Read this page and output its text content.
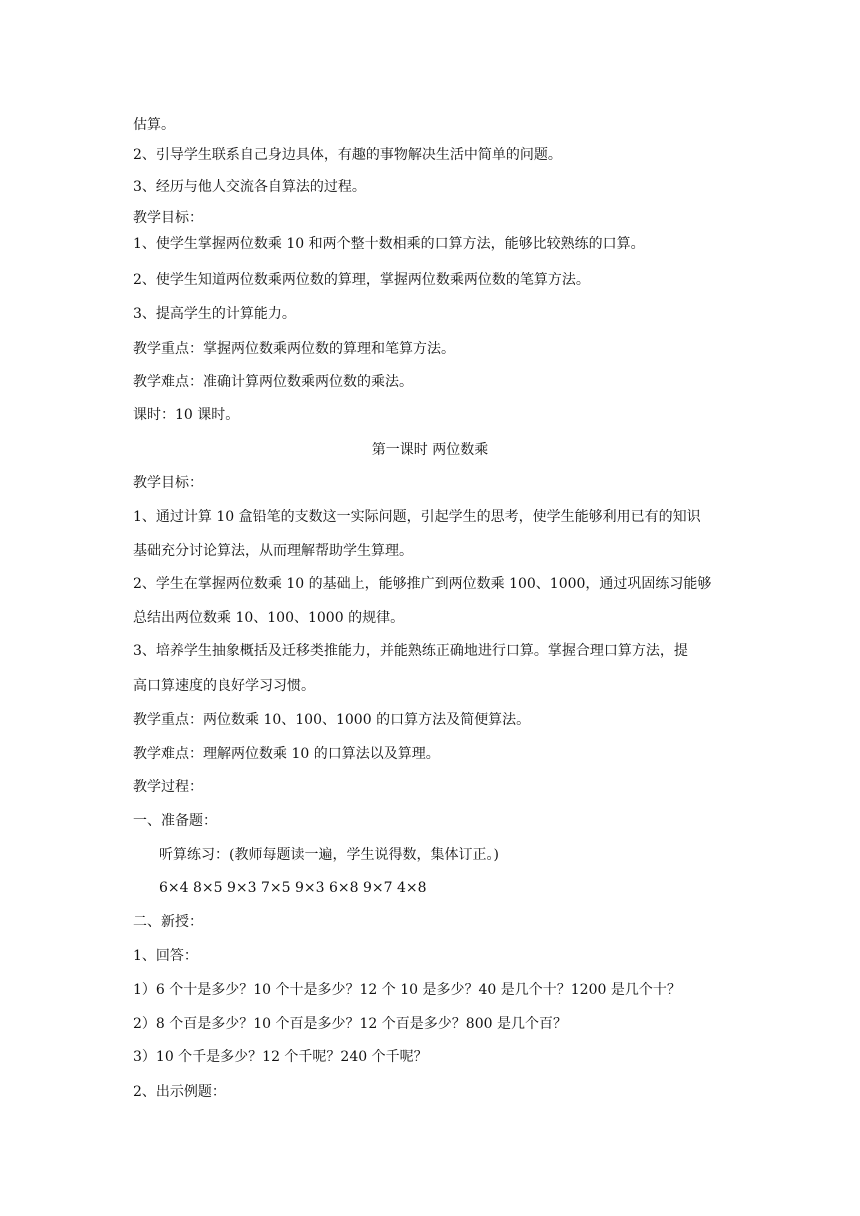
估算。
2、引导学生联系自己身边具体，有趣的事物解决生活中简单的问题。
3、经历与他人交流各自算法的过程。
教学目标：
1、使学生掌握两位数乘 10 和两个整十数相乘的口算方法，能够比较熟练的口算。
2、使学生知道两位数乘两位数的算理，掌握两位数乘两位数的笔算方法。
3、提高学生的计算能力。
教学重点：掌握两位数乘两位数的算理和笔算方法。
教学难点：准确计算两位数乘两位数的乘法。
课时：10 课时。
第一课时 两位数乘
教学目标：
1、通过计算 10 盒铅笔的支数这一实际问题，引起学生的思考，使学生能够利用已有的知识
基础充分讨论算法，从而理解帮助学生算理。
2、学生在掌握两位数乘 10 的基础上，能够推广到两位数乘 100、1000，通过巩固练习能够
总结出两位数乘 10、100、1000 的规律。
3、培养学生抽象概括及迁移类推能力，并能熟练正确地进行口算。掌握合理口算方法，提
高口算速度的良好学习习惯。
教学重点：两位数乘 10、100、1000 的口算方法及简便算法。
教学难点：理解两位数乘 10 的口算法以及算理。
教学过程：
一、准备题：
听算练习：(教师每题读一遍，学生说得数，集体订正。)
6×4 8×5 9×3 7×5 9×3 6×8 9×7 4×8
二、新授：
1、回答：
1）6 个十是多少？10 个十是多少？12 个 10 是多少？40 是几个十？1200 是几个十？
2）8 个百是多少？10 个百是多少？12 个百是多少？800 是几个百？
3）10 个千是多少？12 个千呢？240 个千呢？
2、出示例题：
